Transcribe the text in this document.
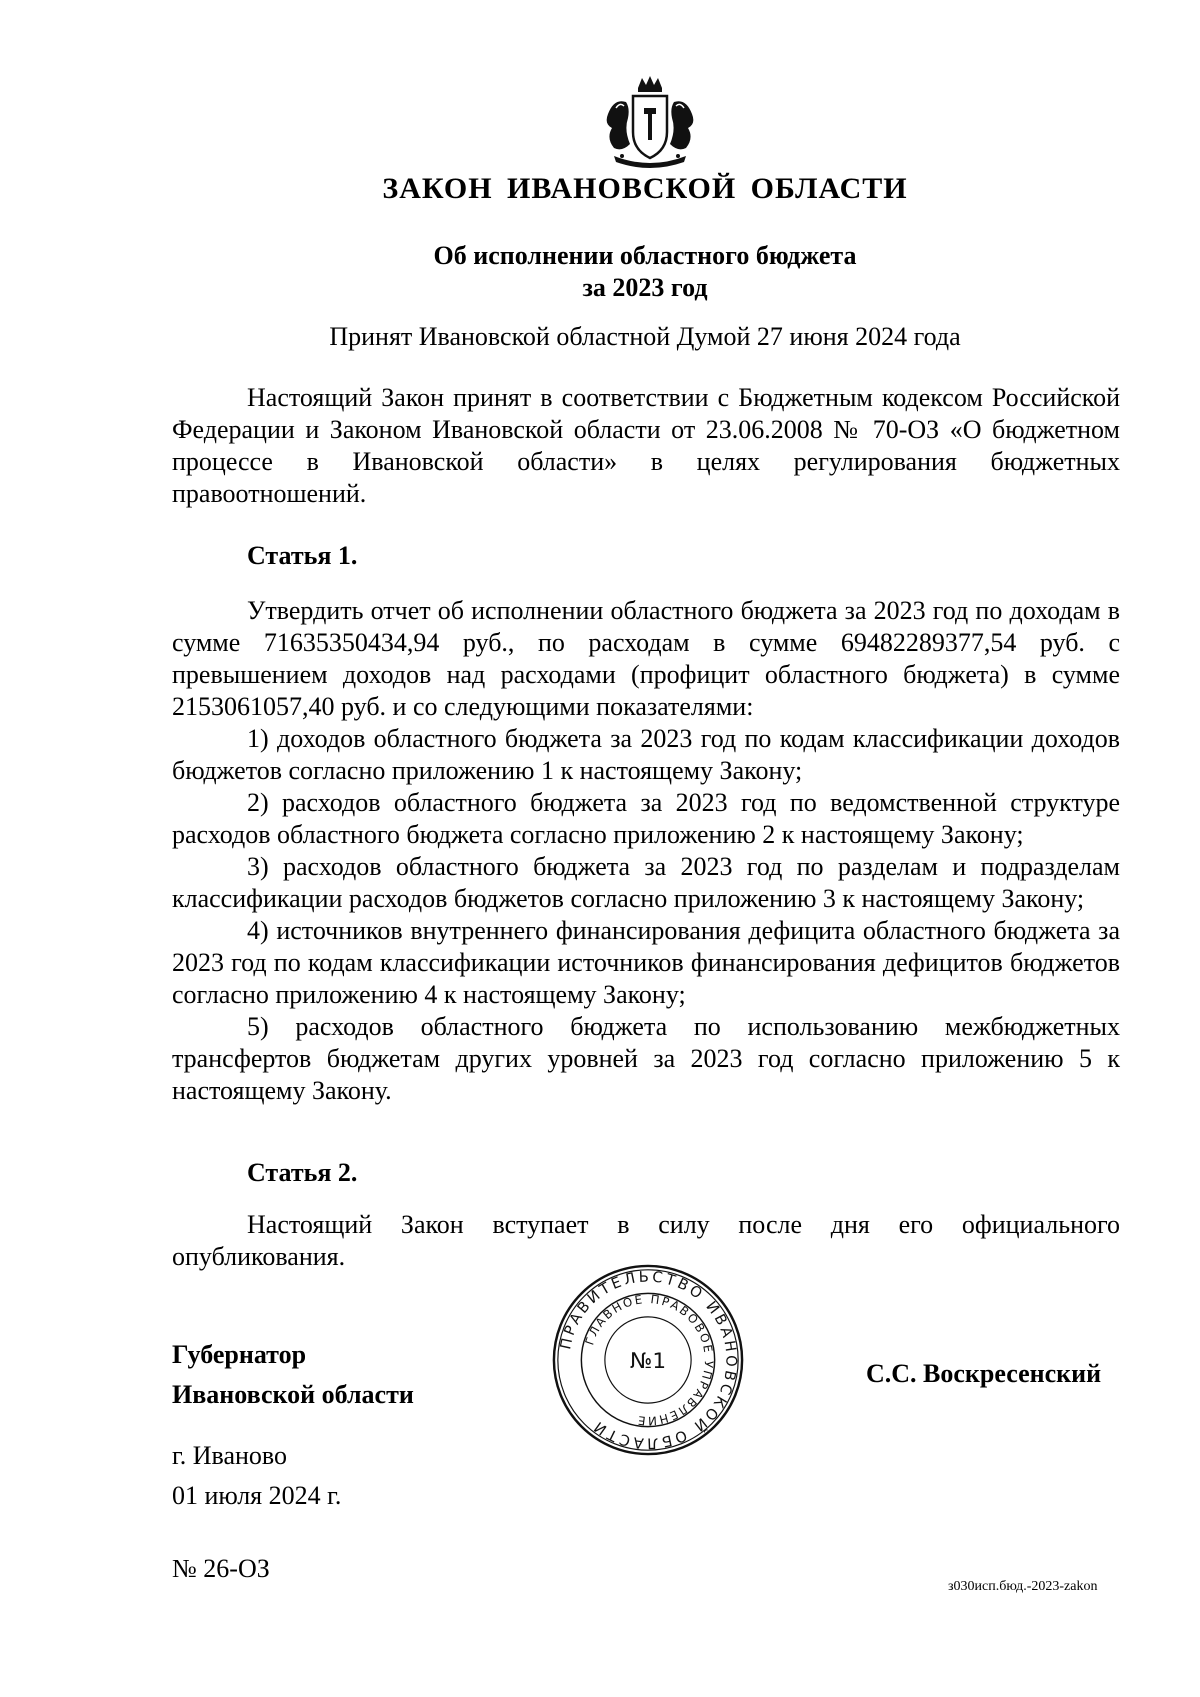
ЗАКОН ИВАНОВСКОЙ ОБЛАСТИ
Об исполнении областного бюджета
за 2023 год
Принят Ивановской областной Думой 27 июня 2024 года

Настоящий Закон принят в соответствии с Бюджетным кодексом Российской Федерации и Законом Ивановской области от 23.06.2008 № 70-ОЗ «О бюджетном процессе в Ивановской области» в целях регулирования бюджетных правоотношений.

Статья 1.

Утвердить отчет об исполнении областного бюджета за 2023 год по доходам в сумме 71635350434,94 руб., по расходам в сумме 69482289377,54 руб. с превышением доходов над расходами (профицит областного бюджета) в сумме 2153061057,40 руб. и со следующими показателями:

1) доходов областного бюджета за 2023 год по кодам классификации доходов бюджетов согласно приложению 1 к настоящему Закону;

2) расходов областного бюджета за 2023 год по ведомственной структуре расходов областного бюджета согласно приложению 2 к настоящему Закону;

3) расходов областного бюджета за 2023 год по разделам и подразделам классификации расходов бюджетов согласно приложению 3 к настоящему Закону;

4) источников внутреннего финансирования дефицита областного бюджета за 2023 год по кодам классификации источников финансирования дефицитов бюджетов согласно приложению 4 к настоящему Закону;

5) расходов областного бюджета по использованию межбюджетных трансфертов бюджетам других уровней за 2023 год согласно приложению 5 к настоящему Закону.

Статья 2.

Настоящий Закон вступает в силу после дня его официального опубликования.

Губернатор
Ивановской области
С.С. Воскресенский
ПРАВИТЕЛЬСТВО ИВАНОВСКОЙ ОБЛАСТИ
ГЛАВНОЕ ПРАВОВОЕ УПРАВЛЕНИЕ
№1
г. Иваново
01 июля 2024 г.
№ 26-ОЗ
з030исп.бюд.-2023-zakon
